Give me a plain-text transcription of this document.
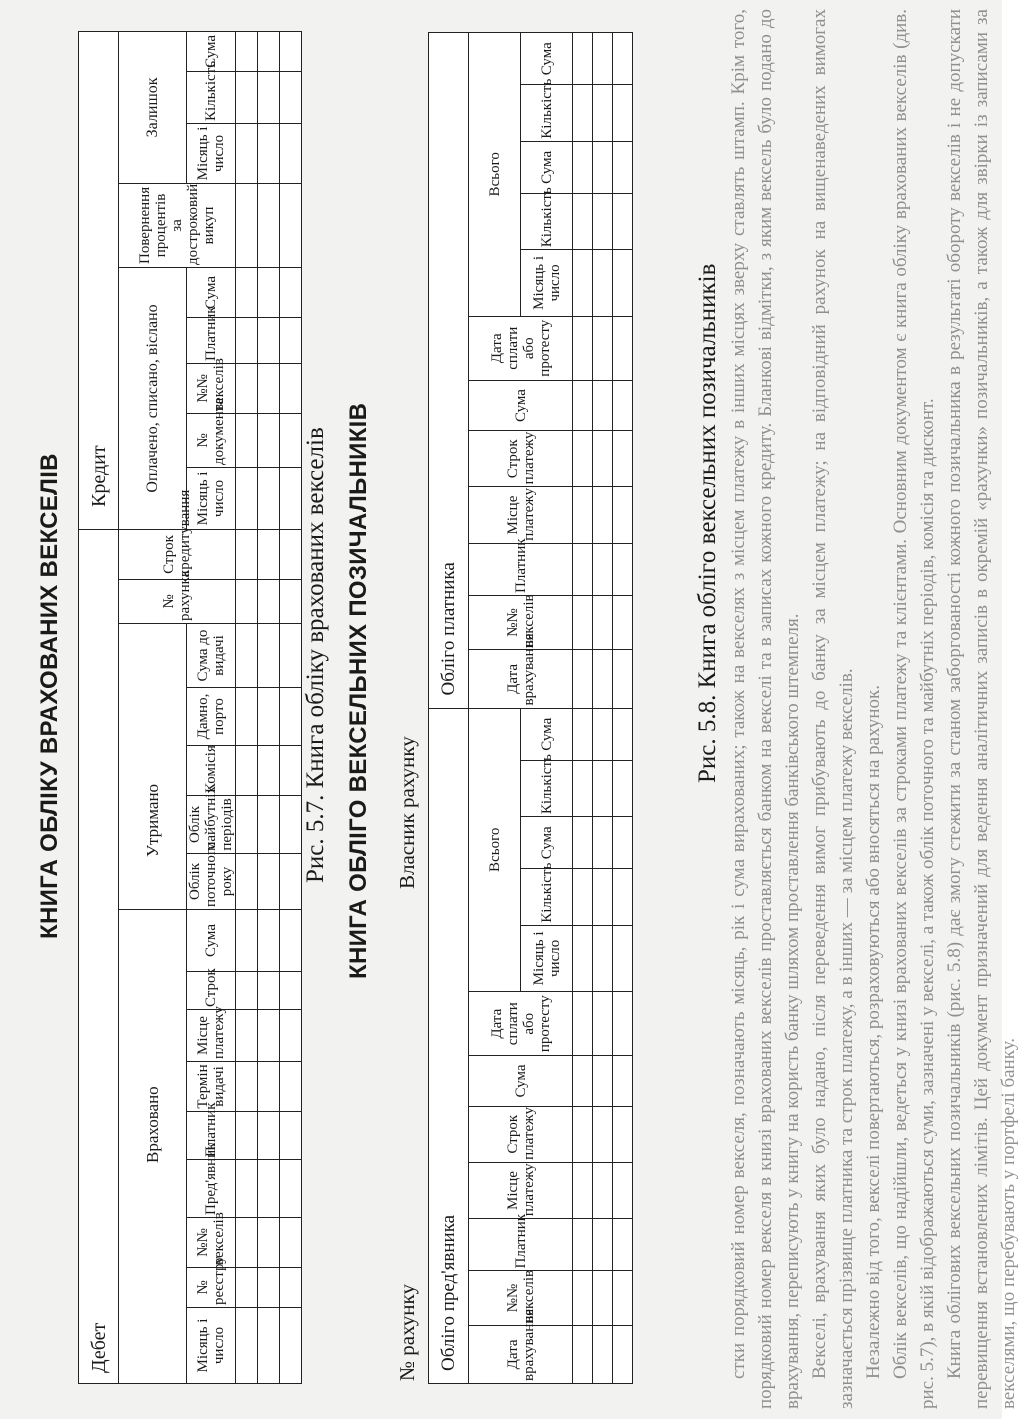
стки порядковий номер векселя, позначають місяць, рік і сума вирахованих; також на векселях з місцем платежу в інших місцях зверху ставлять штамп. Крім того, порядковий номер векселя в книзі врахованих векселів проставляється банком на векселі та в записах кожного кредиту. Бланкові відмітки, з яким вексель було подано до врахування, переписують у книгу на користь банку шляхом проставлення банківського штемпеля. Векселі, врахування яких було надано, після переведення вимог прибувають до банку за місцем платежу; на відповідний рахунок на вищенаведених вимогах зазначається прізвище платника та строк платежу, а в інших — за місцем платежу векселів. Незалежно від того, векселі повертаються, розраховуються або вносяться на рахунок. Облік векселів, що надійшли, ведеться у книзі врахованих векселів за строками платежу та клієнтами. Основним документом є книга обліку врахованих векселів (див. рис. 5.7), в якій відображаються суми, зазначені у векселі, а також облік поточного та майбутніх періодів, комісія та дисконт. Книга облігових вексельних позичальників (рис. 5.8) дає змогу стежити за станом заборгованості кожного позичальника в результаті обороту векселів і не допускати перевищення встановлених лімітів. Цей документ призначений для ведення аналітичних записів в окремій «рахунки» позичальників, а також для звірки із записами за векселями, що перебувають у портфелі банку.

КНИГА ОБЛІКУ ВРАХОВАНИХ ВЕКСЕЛІВ
Дебет																Кредит								
Враховано									Утримано					№ рахунка	Строк кредитування	Оплачено, списано, віслано					Повернення процентів за достроковий викуп	Залишок		
Місяць і число	№ реєстру	№№ векселів	Пред'явник	Платник	Термін видачі	Місце платежу	Строк	Сума	Облік поточного року	Облік майбутніх періодів	Комісія	Дамно, порто	Сума до видачі			Місяць і число	№ документа	№№ векселів	Платник	Сума		Місяць і число	Кількість	Сума

Рис. 5.7. Книга обліку врахованих векселів КНИГА ОБЛІГО ВЕКСЕЛЬНИХ ПОЗИЧАЛЬНИКІВ
№ рахунку
Власник рахунку
Облігo пред'явника												Облігo платника											
Дата врахування	№№ векселів	Платник	Місце платежу	Строк платежу	Сума	Дата сплати або протесту	Всього					Дата врахування	№№ векселів	Платник	Місце платежу	Строк платежу	Сума	Дата сплати або протесту	Всього				
							Місяць і число	Кількість	Сума	Кількість	Сума								Місяць і число	Кількість	Сума	Кількість	Сума

Рис. 5.8. Книга облігo вексельних позичальників
